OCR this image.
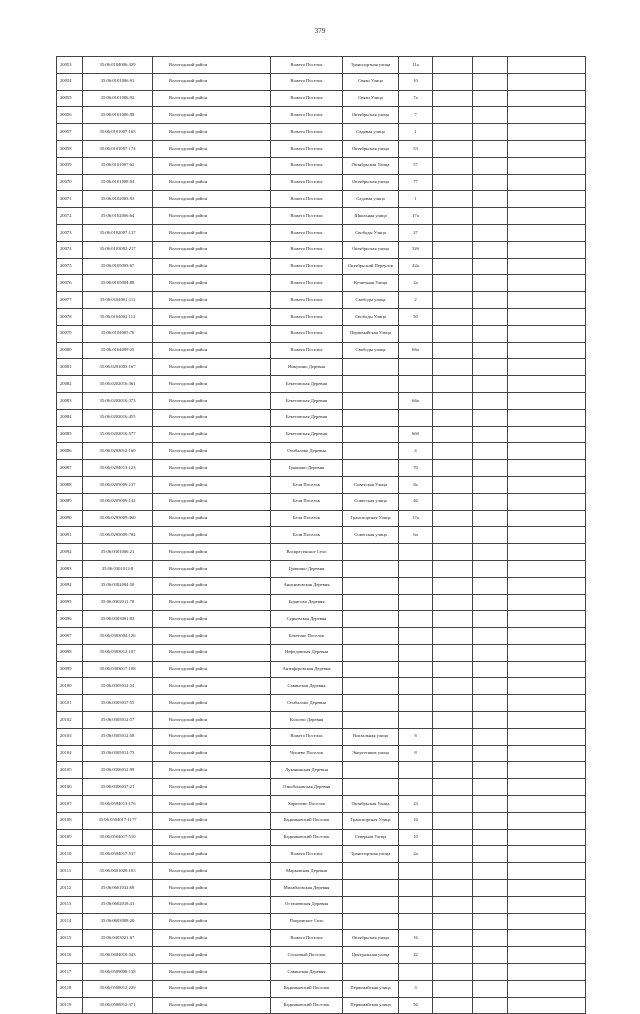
379
20053	35:06:0104006:329	Вологодский район	Вожега Поселок	Транспортная улица	11а			
20054	35:06:0101006:91	Вологодский район	Вожега Поселок	Связи Улица	10			
20055	35:06:0101006:92	Вологодский район	Вожега Поселок	Связи Улица	7а			
20056	35:06:0101006:98	Вологодский район	Вожега Поселок	Октябрьская улица	7			
20057	35:06:0101007:163	Вологодский район	Вожега Поселок	Садовая улица	1			
20058	35:06:0101007:174	Вологодский район	Вожега Поселок	Октябрьская улица	53			
20059	35:06:0101007:62	Вологодский район	Вожега Поселок	Октябрьская Улица	57			
20070	35:06:0101008:94	Вологодский район	Вожега Поселок	Октябрьская улица	77			
20071	35:06:0102003:93	Вологодский район	Вожега Поселок	Садовая улица	1			
20072	35:06:0102006:64	Вологодский район	Вожега Поселок	Школьная улица	17а			
20073	35:06:0102007:137	Вологодский район	Вожега Поселок	Свободы Улица	27			
20074	35:06:0103002:217	Вологодский район	Вожега Поселок	Октябрьская улица	52б			
20075	35:06:0105003:67	Вологодский район	Вожега Поселок	Октябрьский Переулок	42а			
20076	35:06:0105004:88	Вологодский район	Вожега Поселок	Кузнечная Улица	2а			
20077	35:06:0104001:111	Вологодский район	Вожега Поселок	Свободы улица	2			
20078	35:06:0104002:112	Вологодский район	Вожега Поселок	Свободы Улица	50			
20079	35:06:0104005:76	Вологодский район	Вожега Поселок	Первомайская Улица				
20080	35:06:0104009:25	Вологодский район	Вожега Поселок	Свободы улица	66а			
20081	35:06:0201005:167	Вологодский район	Никулино Деревня					
20082	35:06:0202016:361	Вологодский район	Бекетовская Деревня					
20083	35:06:0202016:373	Вологодский район	Бекетовская Деревня		66а			
20084	35:06:0202016:455	Вологодский район	Бекетовская Деревня					
20085	35:06:0202016:577	Вологодский район	Бекетовская Деревня		66б			
20086	35:06:0203012:160	Вологодский район	Огибалово Деревня		4			
20087	35:06:0204013:123	Вологодский район	Гришино Деревня		70			
20088	35:06:0205009:137	Вологодский район	Бели Поселок	Советская Улица	8а			
20089	35:06:0205009:142	Вологодский район	Бели Поселок	Советская улица	46			
20090	35:06:0205009:460	Вологодский район	Бели Поселок	Транспортная Улица	17а			
20091	35:06:0205009:782	Вологодский район	Бели Поселок	Советская улица	6а			
20092	35:06:0301006:21	Вологодский район	Воскресенское Село					
20093	35:06:0301012:8	Вологодский район	Гришино Деревня					
20094	35:06:0302004:50	Вологодский район	Аниcимовская Деревня					
20095	35:06:0302011:78	Вологодский район	Борисово Деревня					
20096	35:06:0303001:83	Вологодский район	Сурковская Деревня					
20097	35:06:0303004:126	Вологодский район	Бекетово Поселок					
20098	35:06:0303012:107	Вологодский район	Нефедовская Деревня					
20099	35:06:0303017:108	Вологодский район	Антифоровская Деревня					
20100	35:06:0305012:54	Вологодский район	Савинская Деревня					
20101	35:06:0305017:55	Вологодский район	Огибалово Деревня					
20102	35:06:0305012:57	Вологодский район	Кологво Деревня					
20103	35:06:0305012:58	Вологодский район	Вожега Поселок	Вокзальная улица	8			
20104	35:06:0305012:75	Вологодский район	Чушево Поселок	Энергетиков улица	8			
20105	35:06:0306012:99	Вологодский район	Луканинская Деревня					
20106	35:06:0306037:21	Вологодский район	Ознобоновская Деревня					
20107	35:06:0504013:176	Вологодский район	Харюзово Поселок	Октябрьская Улица	23			
20108	35:06:0504017:1177	Вологодский район	Кадниковский Поселок	Транспортная Улица	16			
20109	35:06:0504017:510	Вологодский район	Кадниковский Поселок	Северная Улица	10			
20110	35:06:0504017:537	Вологодский район	Вожега Поселок	Транспортная улица	2а			
20111	35:06:0601020:103	Вологодский район	Марковская Деревня					
20112	35:06:0601032:69	Вологодский район	Михайловская Деревня					
20113	35:06:0602018:41	Вологодский район	Осташевская Деревня					
20114	35:06:0603008:20	Вологодский район	Покровское Село					
20115	35:06:0403021:67	Вологодский район	Вожега Поселок	Октябрьская улица	16			
20116	35:06:0604010:343	Вологодский район	Сосновый Поселок	Центральная улица	22			
20117	35:06:0509008:138	Вологодский район	Савинская Деревня					
20118	35:06:0508012:229	Вологодский район	Кадниковский Поселок	Первомайская улица	3			
20119	35:06:0508012:371	Вологодский район	Кадниковский Поселок	Первомайская улица	56			
